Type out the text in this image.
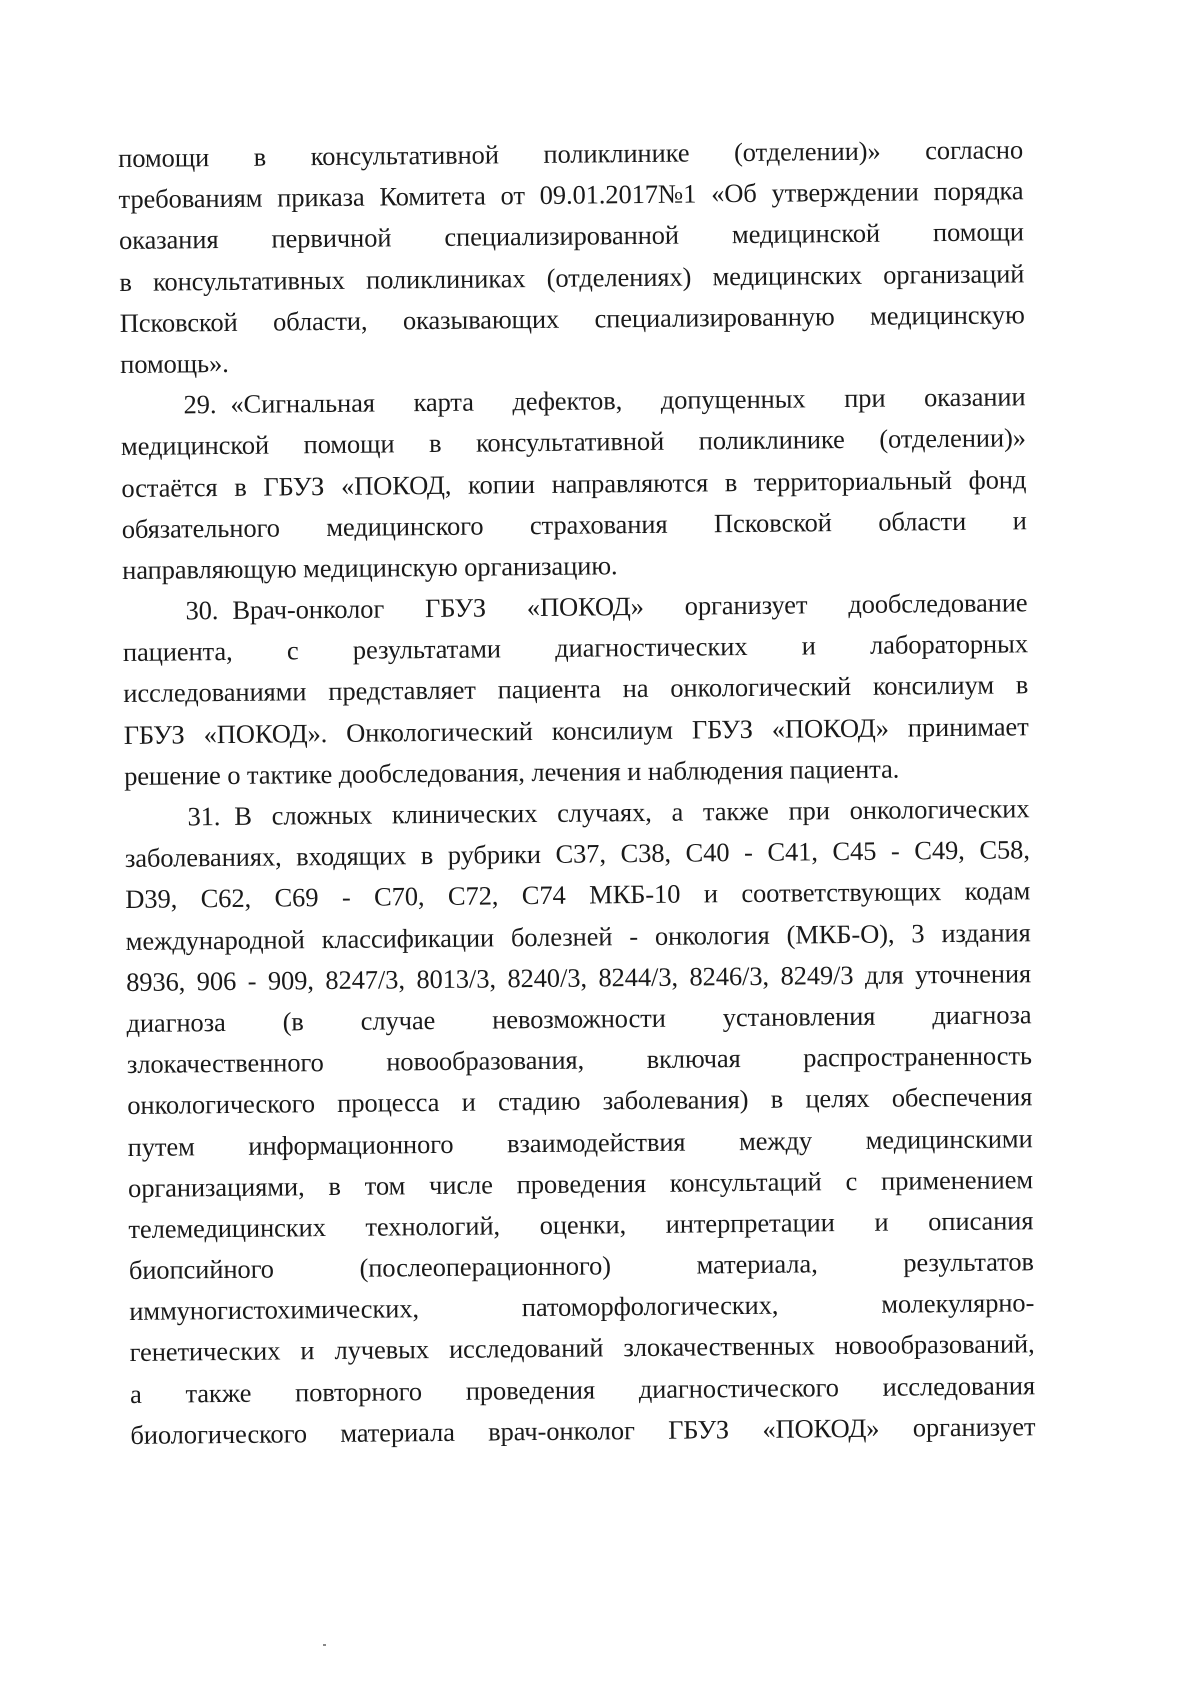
помощи в консультативной поликлинике (отделении)» согласно
требованиям приказа Комитета от 09.01.2017№1 «Об утверждении порядка
оказания первичной специализированной медицинской помощи
в консультативных поликлиниках (отделениях) медицинских организаций
Псковской области, оказывающих специализированную медицинскую
помощь».
29. «Сигнальная карта дефектов, допущенных при оказании
медицинской помощи в консультативной поликлинике (отделении)»
остаётся в ГБУЗ «ПОКОД, копии направляются в территориальный фонд
обязательного медицинского страхования Псковской области и
направляющую медицинскую организацию.
30. Врач-онколог ГБУЗ «ПОКОД» организует дообследование
пациента, с результатами диагностических и лабораторных
исследованиями представляет пациента на онкологический консилиум в
ГБУЗ «ПОКОД». Онкологический консилиум ГБУЗ «ПОКОД» принимает
решение о тактике дообследования, лечения и наблюдения пациента.
31. В сложных клинических случаях, а также при онкологических
заболеваниях, входящих в рубрики С37, С38, С40 - С41, С45 - С49, С58,
D39, С62, С69 - С70, С72, С74 МКБ-10 и соответствующих кодам
международной классификации болезней - онкология (МКБ-О), 3 издания
8936, 906 - 909, 8247/3, 8013/3, 8240/3, 8244/3, 8246/3, 8249/3 для уточнения
диагноза (в случае невозможности установления диагноза
злокачественного новообразования, включая распространенность
онкологического процесса и стадию заболевания) в целях обеспечения
путем информационного взаимодействия между медицинскими
организациями, в том числе проведения консультаций с применением
телемедицинских технологий, оценки, интерпретации и описания
биопсийного	(послеоперационного)	материала,	результатов
иммуногистохимических,	патоморфологических,	молекулярно-
генетических и лучевых исследований злокачественных новообразований,
а также повторного проведения диагностического исследования
биологического материала врач-онколог ГБУЗ «ПОКОД» организует
